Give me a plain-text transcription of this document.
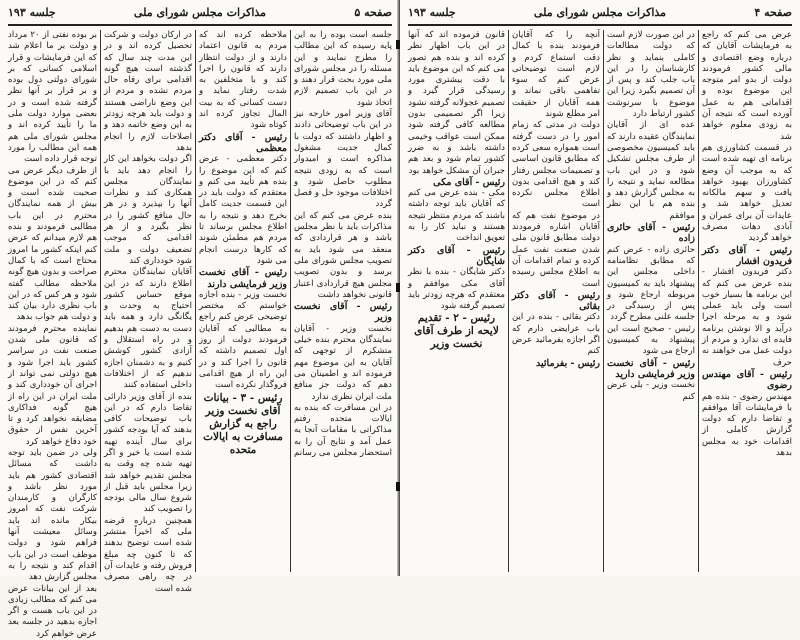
صفحه ۵
مذاکرات مجلس شورای ملی
جلسه ۱۹۳

بر بوده نفتی از ۲۰ مرداد و دولت بر ما اعلام شد که این فرمایشات و قرار اسلامی کسانی که بر شورای دولتی دول بوده و بر قرار بر آنها نظر گرفته شده است و در بعضی موارد دولت ملی ما را تأیید کرده اند و مجلس شورای ملی هم همه این مطالب را مورد توجه قرار داده است

از طرف دیگر عرض می کنم که در این موضوع صحبت شده است و بیش از همه نمایندگان محترم در این باب مطالبی فرمودند و بنده هم لازم میدانم که عرض کنم اینکه کشور ما امروز محتاج است که با کمال صراحت و بدون هیچ گونه ملاحظه مطالب گفته شود و هر کس که در این باب نظری دارد بیان کند و دولت هم جواب بدهد

نماینده محترم فرمودند که قانون ملی شدن صنعت نفت در سراسر کشور باید اجرا شود و هیچ دولتی نمی تواند از اجرای آن خودداری کند و ملت ایران در این راه از هیچ گونه فداکاری مضایقه نخواهد کرد و تا آخرین نفس از حقوق خود دفاع خواهد کرد

ولی در ضمن باید توجه داشت که مسائل اقتصادی کشور هم باید مورد نظر باشد و کارگران و کارمندان شرکت نفت که امروز بیکار مانده اند باید وسائل معیشت آنها فراهم شود و دولت موظف است در این باب اقدام کند و نتیجه را به مجلس گزارش دهد

بعد از این بیانات عرض می کنم که مطالب زیادی در این باب هست و اگر اجازه بدهید در جلسه بعد عرض خواهم کرد

در ارکان دولت و شرکت تحصیل کرده اند و در این مدت چند سال که گذشته است هیچ گونه اقدامی برای رفاه حال مردم نشده و مردم از این وضع ناراضی هستند و دولت باید هرچه زودتر به این وضع خاتمه دهد و اصلاحات لازم را انجام بدهد

اگر دولت بخواهد این کار را انجام دهد باید با نمایندگان مجلس همکاری کند و نظرات آنها را بپذیرد و در هر حال منافع کشور را در نظر بگیرد و از هر اقدامی که موجب تضعیف دولت و ملت شود خودداری کند

آقایان نمایندگان محترم اطلاع دارند که در این موقع حساس کشور احتیاج به وحدت و یگانگی دارد و همه باید دست به دست هم بدهیم و در راه استقلال و آزادی کشور کوشش کنیم و به دشمنان اجازه ندهیم که از اختلافات داخلی استفاده کنند

بنده از آقای وزیر دارائی تقاضا دارم که در این باب توضیحات کافی بدهند که آیا بودجه کشور برای سال آینده تهیه شده است یا خیر و اگر تهیه شده چه وقت به مجلس تقدیم خواهد شد زیرا مجلس باید قبل از شروع سال مالی بودجه را تصویب کند

همچنین درباره قرضه ملی که اخیراً منتشر شده است توضیح بدهند که تا کنون چه مبلغ فروش رفته و عایدات آن در چه راهی مصرف شده است

ملاحظه کرده اند که مردم به قانون اعتماد دارند و از دولت انتظار دارند که قانون را اجرا کند و با متخلفین به شدت رفتار نماید و دست کسانی که به بیت المال تجاوز کرده اند کوتاه شود

رئیس - آقای دکتر معظمی

دکتر معظمی - عرض کنم که این موضوع را بنده هم تأیید می کنم و معتقدم که دولت باید در این قسمت جدیت کامل بخرج دهد و نتیجه را به اطلاع مجلس برساند تا مردم هم مطمئن شوند که کارها درست انجام می شود

رئیس - آقای نخست وزیر فرمایشی دارند

نخست وزیر - بنده اجازه خواستم که مختصر توضیحی عرض کنم راجع به مطالبی که آقایان فرمودند دولت از روز اول تصمیم داشته که قانون را اجرا کند و در این راه از هیچ اقدامی فروگذار نکرده است

رئیس - ۳ - بیانات آقای نخست وزیر راجع به گزارش مسافرت به ایالات متحده

جلسه است بوده را به این پایه رسیده که این مطالب را مطرح نمایند و این مسئله را در مجلس شورای ملی مورد بحث قرار دهند و در این باب تصمیم لازم اتخاذ شود

آقای وزیر امور خارجه نیز در این باب توضیحاتی دادند و اظهار داشتند که دولت با کمال جدیت مشغول مذاکره است و امیدوار است که به زودی نتیجه مطلوب حاصل شود و اختلافات موجود حل و فصل گردد

بنده عرض می کنم که این مذاکرات باید با نظر مجلس باشد و هر قراردادی که منعقد می شود باید به تصویب مجلس شورای ملی برسد و بدون تصویب مجلس هیچ قراردادی اعتبار قانونی نخواهد داشت

رئیس - آقای نخست وزیر

نخست وزیر - آقایان نمایندگان محترم بنده خیلی متشکرم از توجهی که آقایان به این موضوع مهم فرموده اند و اطمینان می دهم که دولت جز منافع ملت ایران نظری ندارد

در این مسافرت که بنده به ایالات متحده رفتم مذاکراتی با مقامات آنجا به عمل آمد و نتایج آن را به استحضار مجلس می رسانم

صفحه ۴
مذاکرات مجلس شورای ملی
جلسه ۱۹۳

عرض می کنم که راجع به فرمایشات آقایان که درباره وضع اقتصادی و مالی کشور فرمودند دولت از بدو امر متوجه این موضوع بوده و اقداماتی هم به عمل آورده است که نتیجه آن به زودی معلوم خواهد شد

در قسمت کشاورزی هم برنامه ای تهیه شده است که به موجب آن وضع کشاورزان بهبود خواهد یافت و سهم مالکانه تعدیل خواهد شد و عایدات آن برای عمران و آبادی دهات مصرف خواهد گردید

رئیس - آقای دکتر فریدون افشار

دکتر فریدون افشار - بنده عرض می کنم که این برنامه ها بسیار خوب است ولی باید عملی شود و به مرحله اجرا درآید و الا نوشتن برنامه فایده ای ندارد و مردم از دولت عمل می خواهند نه حرف

رئیس - آقای مهندس رضوی

مهندس رضوی - بنده هم با فرمایشات آقا موافقم و تقاضا دارم که دولت گزارش کاملی از اقدامات خود به مجلس بدهد

در این صورت لازم است که دولت مطالعات کاملی بنماید و نظر کارشناسان را در این باب جلب کند و پس از آن تصمیم بگیرد زیرا این موضوع با سرنوشت کشور ارتباط دارد

عده ای از آقایان نمایندگان عقیده دارند که باید کمیسیون مخصوصی از طرف مجلس تشکیل شود و در این باب مطالعه نماید و نتیجه را به مجلس گزارش دهد و بنده هم با این نظر موافقم

رئیس - آقای حائری زاده

حائری زاده - عرض کنم که مطابق نظامنامه داخلی مجلس این پیشنهاد باید به کمیسیون مربوطه ارجاع شود و پس از رسیدگی در جلسه علنی مطرح گردد

رئیس - صحیح است این پیشنهاد به کمیسیون ارجاع می شود

رئیس - آقای نخست وزیر فرمایشی دارید

نخست وزیر - بلی عرض کنم

آنچه را که آقایان فرمودند بنده با کمال دقت استماع کردم و لازم است توضیحاتی عرض کنم که سوء تفاهمی باقی نماند و همه آقایان از حقیقت امر مطلع شوند

دولت در مدتی که زمام امور را در دست گرفته است همواره سعی کرده که مطابق قانون اساسی و تصمیمات مجلس رفتار کند و هیچ اقدامی بدون اطلاع مجلس نکرده است

در موضوع نفت هم که آقایان اشاره فرمودند دولت مطابق قانون ملی شدن صنعت نفت عمل کرده و تمام اقدامات آن به اطلاع مجلس رسیده است

رئیس - آقای دکتر بقائی

دکتر بقائی - بنده در این باب عرایضی دارم که اگر اجازه بفرمائید عرض کنم

رئیس - بفرمائید

قانون فرموده اند که آنها در این باب اظهار نظر کرده اند و بنده هم تصور می کنم که این موضوع باید با دقت بیشتری مورد رسیدگی قرار گیرد و تصمیم عجولانه گرفته نشود

زیرا اگر تصمیمی بدون مطالعه کافی گرفته شود ممکن است عواقب وخیمی داشته باشد و به ضرر کشور تمام شود و بعد هم جبران آن مشکل خواهد بود

رئیس - آقای مکی

مکی - بنده عرض می کنم که آقایان باید توجه داشته باشند که مردم منتظر نتیجه هستند و نباید کار را به تعویق انداخت

رئیس - آقای دکتر شایگان

دکتر شایگان - بنده با نظر آقای مکی موافقم و معتقدم که هرچه زودتر باید تصمیم گرفته شود

رئیس - ۲ - تقدیم لایحه از طرف آقای نخست وزیر
